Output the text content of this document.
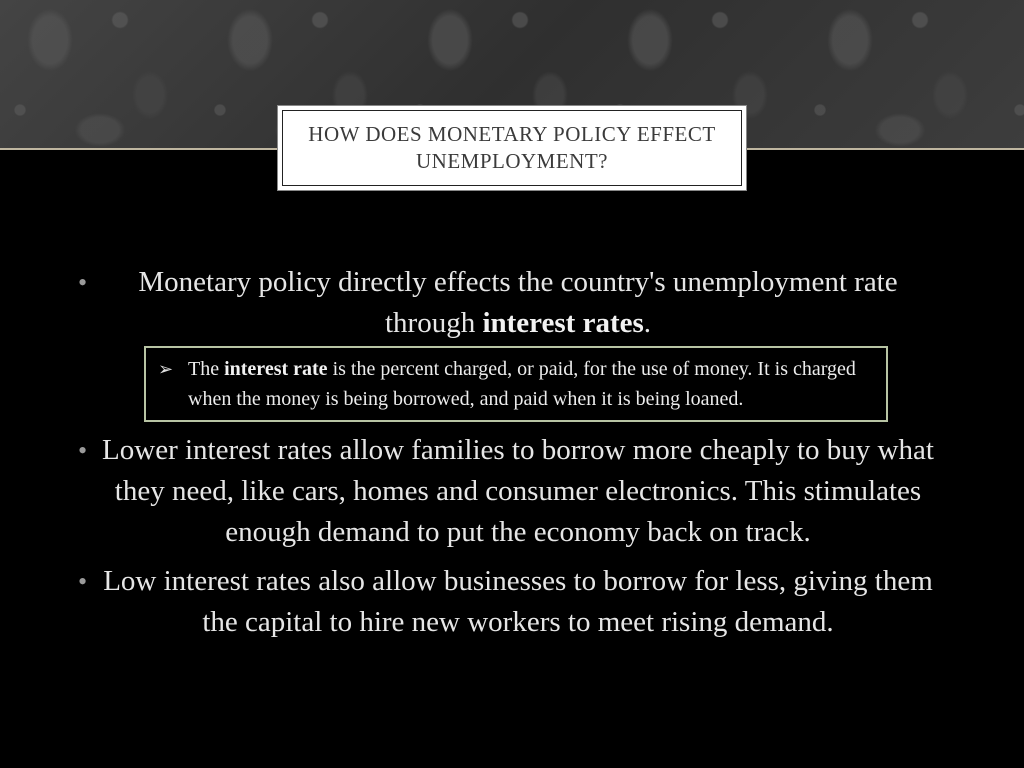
HOW DOES MONETARY POLICY EFFECT UNEMPLOYMENT?
• Monetary policy directly effects the country's unemployment rate through interest rates.
➢ The interest rate is the percent charged, or paid, for the use of money. It is charged when the money is being borrowed, and paid when it is being loaned.
• Lower interest rates allow families to borrow more cheaply to buy what they need, like cars, homes and consumer electronics. This stimulates enough demand to put the economy back on track.
• Low interest rates also allow businesses to borrow for less, giving them the capital to hire new workers to meet rising demand.
